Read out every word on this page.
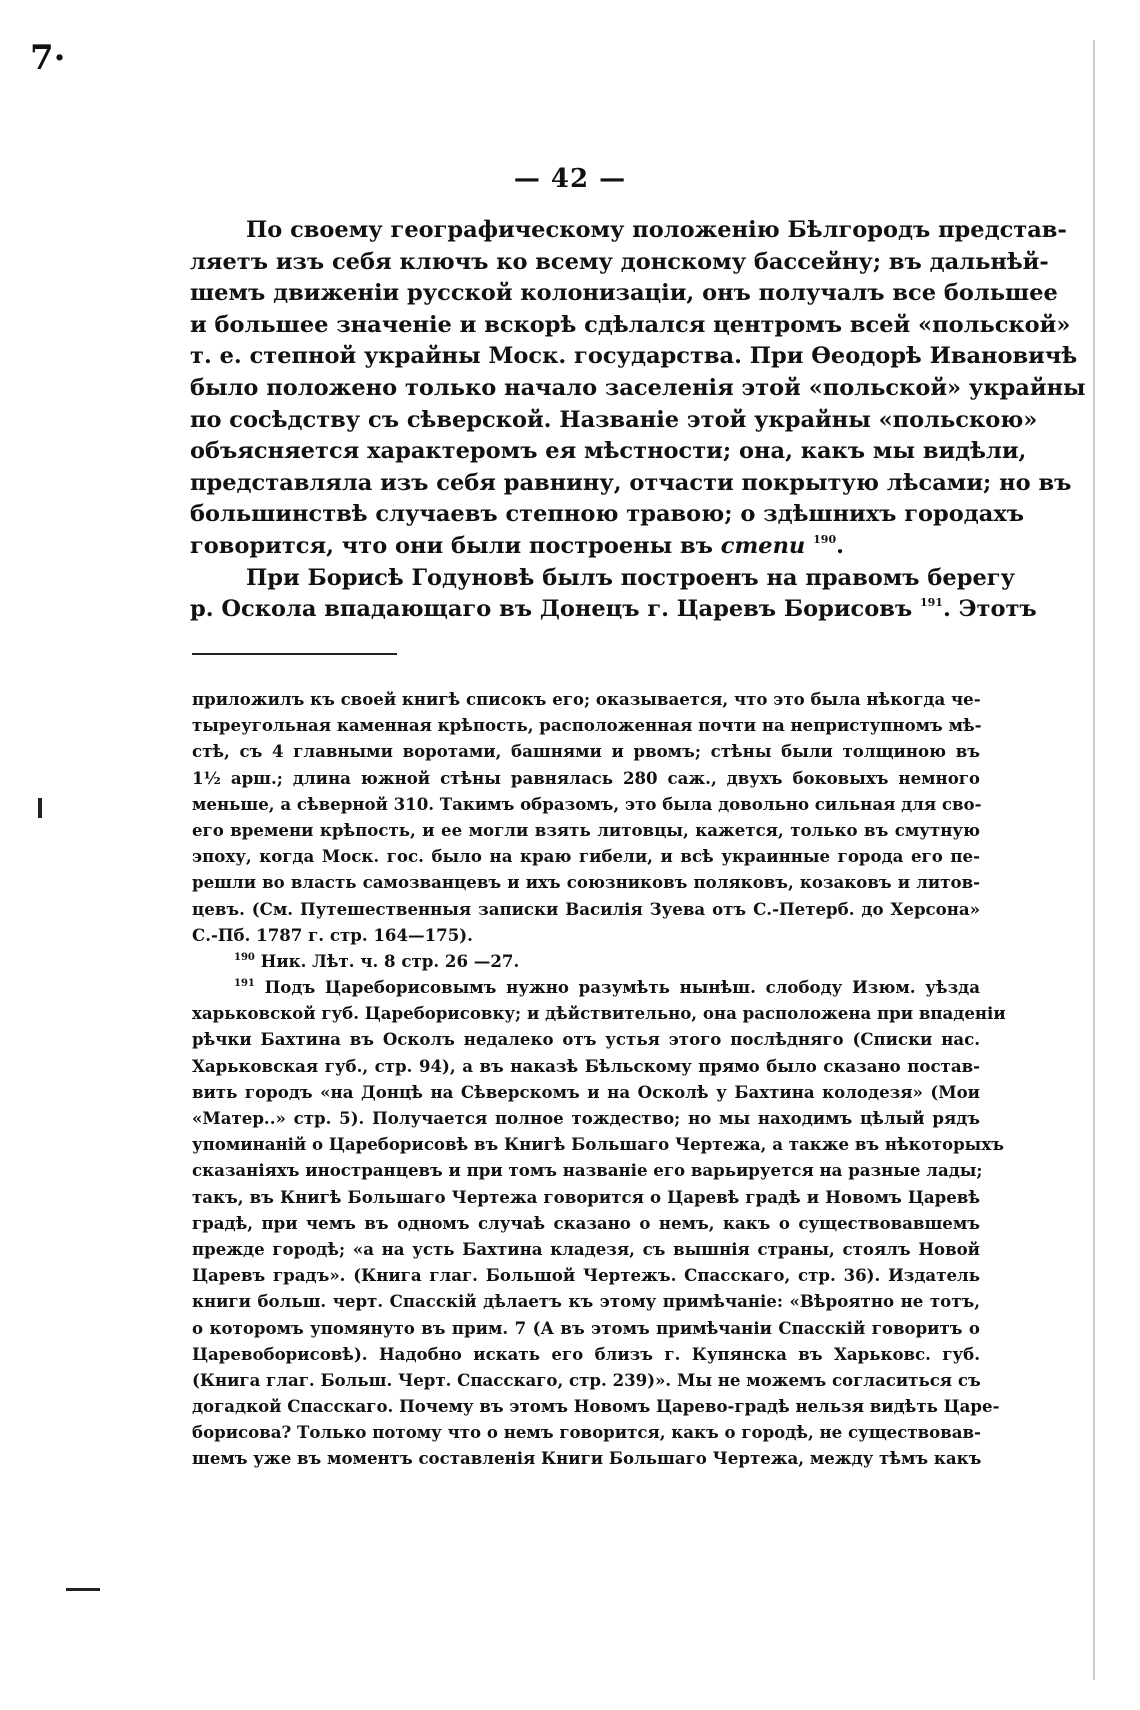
7·
— 42 —
По своему географическому положенію Бѣлгородъ представ-
ляетъ изъ себя ключъ ко всему донскому бассейну; въ дальнѣй-
шемъ движеніи русской колонизаціи, онъ получалъ все большее
и большее значеніе и вскорѣ сдѣлался центромъ всей «польской»
т. е. степной украйны Моск. государства. При Ѳеодорѣ Ивановичѣ
было положено только начало заселенія этой «польской» украйны
по сосѣдству съ сѣверской. Названіе этой украйны «польскою»
объясняется характеромъ ея мѣстности; она, какъ мы видѣли,
представляла изъ себя равнину, отчасти покрытую лѣсами; но въ
большинствѣ случаевъ степною травою; о здѣшнихъ городахъ
говорится, что они были построены въ степи $^{190}$.
При Борисѣ Годуновѣ былъ построенъ на правомъ берегу
р. Оскола впадающаго въ Донецъ г. Царевъ Борисовъ $^{191}$. Этотъ
приложилъ къ своей книгѣ списокъ его; оказывается, что это была нѣкогда че-
тыреугольная каменная крѣпость, расположенная почти на неприступномъ мѣ-
стѣ, съ 4 главными воротами, башнями и рвомъ; стѣны были толщиною въ
1½ арш.; длина южной стѣны равнялась 280 саж., двухъ боковыхъ немного
меньше, а сѣверной 310. Такимъ образомъ, это была довольно сильная для сво-
его времени крѣпость, и ее могли взять литовцы, кажется, только въ смутную
эпоху, когда Моск. гос. было на краю гибели, и всѣ украинные города его пе-
решли во власть самозванцевъ и ихъ союзниковъ поляковъ, козаковъ и литов-
цевъ. (См. Путешественныя записки Василія Зуева отъ С.-Петерб. до Херсона»
С.-Пб. 1787 г. стр. 164—175).
$^{190}$ Ник. Лѣт. ч. 8 стр. 26 —27.
$^{191}$ Подъ Цареборисовымъ нужно разумѣть нынѣш. слободу Изюм. уѣзда
харьковской губ. Цареборисовку; и дѣйствительно, она расположена при впаденіи
рѣчки Бахтина въ Осколъ недалеко отъ устья этого послѣдняго (Списки нас.
Харьковская губ., стр. 94), а въ наказѣ Бѣльскому прямо было сказано постав-
вить городъ «на Донцѣ на Сѣверскомъ и на Осколѣ у Бахтина колодезя» (Мои
«Матер..» стр. 5). Получается полное тождество; но мы находимъ цѣлый рядъ
упоминаній о Цареборисовѣ въ Книгѣ Большаго Чертежа, а также въ нѣкоторыхъ
сказаніяхъ иностранцевъ и при томъ названіе его варьируется на разные лады;
такъ, въ Книгѣ Большаго Чертежа говорится о Царевѣ градѣ и Новомъ Царевѣ
градѣ, при чемъ въ одномъ случаѣ сказано о немъ, какъ о существовавшемъ
прежде городѣ; «а на усть Бахтина кладезя, съ вышнія страны, стоялъ Новой
Царевъ градъ». (Книга глаг. Большой Чертежъ. Спасскаго, стр. 36). Издатель
книги больш. черт. Спасскій дѣлаетъ къ этому примѣчаніе: «Вѣроятно не тотъ,
о которомъ упомянуто въ прим. 7 (А въ этомъ примѣчаніи Спасскій говоритъ о
Царевоборисовѣ). Надобно искать его близъ г. Купянска въ Харьковс. губ.
(Книга глаг. Больш. Черт. Спасскаго, стр. 239)». Мы не можемъ согласиться съ
догадкой Спасскаго. Почему въ этомъ Новомъ Царево-градѣ нельзя видѣть Царе-
борисова? Только потому что о немъ говорится, какъ о городѣ, не существовав-
шемъ уже въ моментъ составленія Книги Большаго Чертежа, между тѣмъ какъ
